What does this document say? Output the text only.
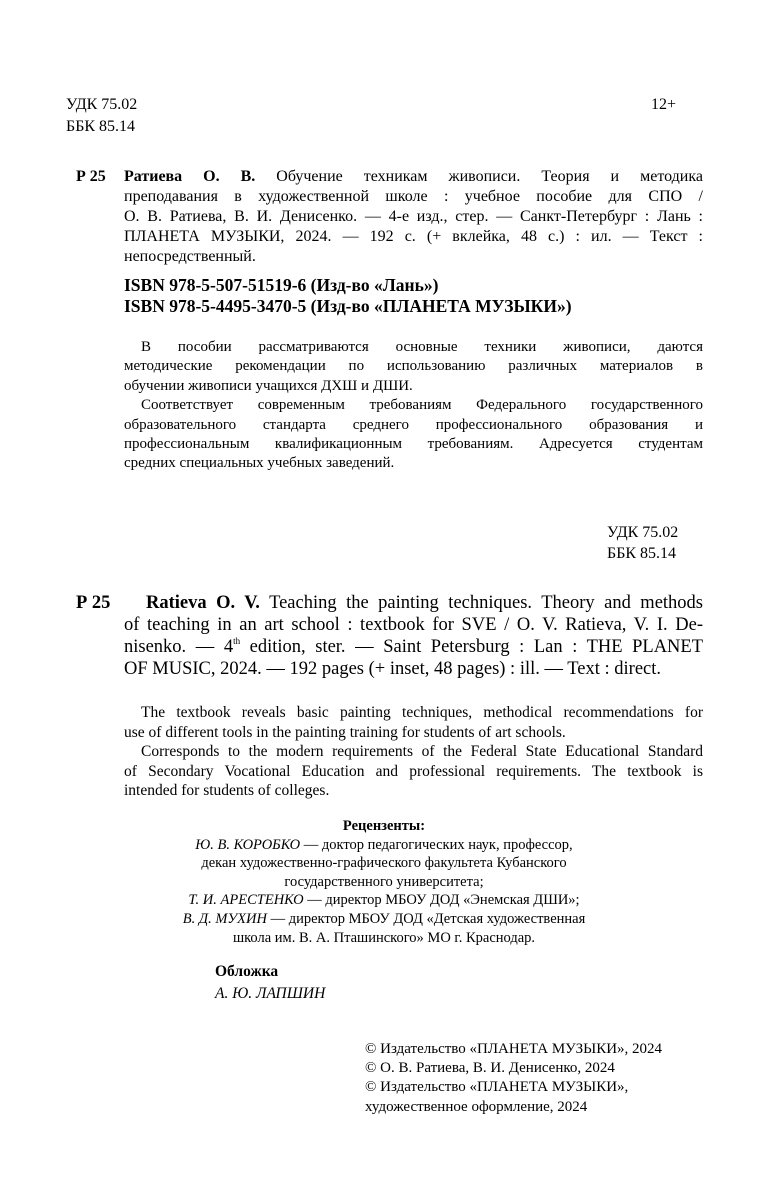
УДК 75.02
ББК 85.14
12+
Р 25 Ратиева О. В. Обучение техникам живописи. Теория и методика
преподавания в художественной школе : учебное пособие для СПО /
О. В. Ратиева, В. И. Денисенко. — 4-е изд., стер. — Санкт-Петербург : Лань :
ПЛАНЕТА МУЗЫКИ, 2024. — 192 с. (+ вклейка, 48 с.) : ил. — Текст :
непосредственный.
ISBN 978-5-507-51519-6 (Изд-во «Лань»)
ISBN 978-5-4495-3470-5 (Изд-во «ПЛАНЕТА МУЗЫКИ»)
В пособии рассматриваются основные техники живописи, даются
методические рекомендации по использованию различных материалов в
обучении живописи учащихся ДХШ и ДШИ.
Соответствует современным требованиям Федерального государственного
образовательного стандарта среднего профессионального образования и
профессиональным квалификационным требованиям. Адресуется студентам
средних специальных учебных заведений.
УДК 75.02
ББК 85.14
Р 25 Ratieva O. V. Teaching the painting techniques. Theory and methods
of teaching in an art school : textbook for SVE / O. V. Ratieva, V. I. De-
nisenko. — 4th edition, ster. — Saint Petersburg : Lan : THE PLANET
OF MUSIC, 2024. — 192 pages (+ inset, 48 pages) : ill. — Text : direct.
The textbook reveals basic painting techniques, methodical recommendations for
use of different tools in the painting training for students of art schools.
Corresponds to the modern requirements of the Federal State Educational Standard
of Secondary Vocational Education and professional requirements. The textbook is
intended for students of colleges.
Рецензенты:
Ю. В. КОРОБКО — доктор педагогических наук, профессор,
декан художественно-графического факультета Кубанского
государственного университета;
Т. И. АРЕСТЕНКО — директор МБОУ ДОД «Энемская ДШИ»;
В. Д. МУХИН — директор МБОУ ДОД «Детская художественная
школа им. В. А. Пташинского» МО г. Краснодар.
Обложка
А. Ю. ЛАПШИН
© Издательство «ПЛАНЕТА МУЗЫКИ», 2024
© О. В. Ратиева, В. И. Денисенко, 2024
© Издательство «ПЛАНЕТА МУЗЫКИ»,
художественное оформление, 2024
